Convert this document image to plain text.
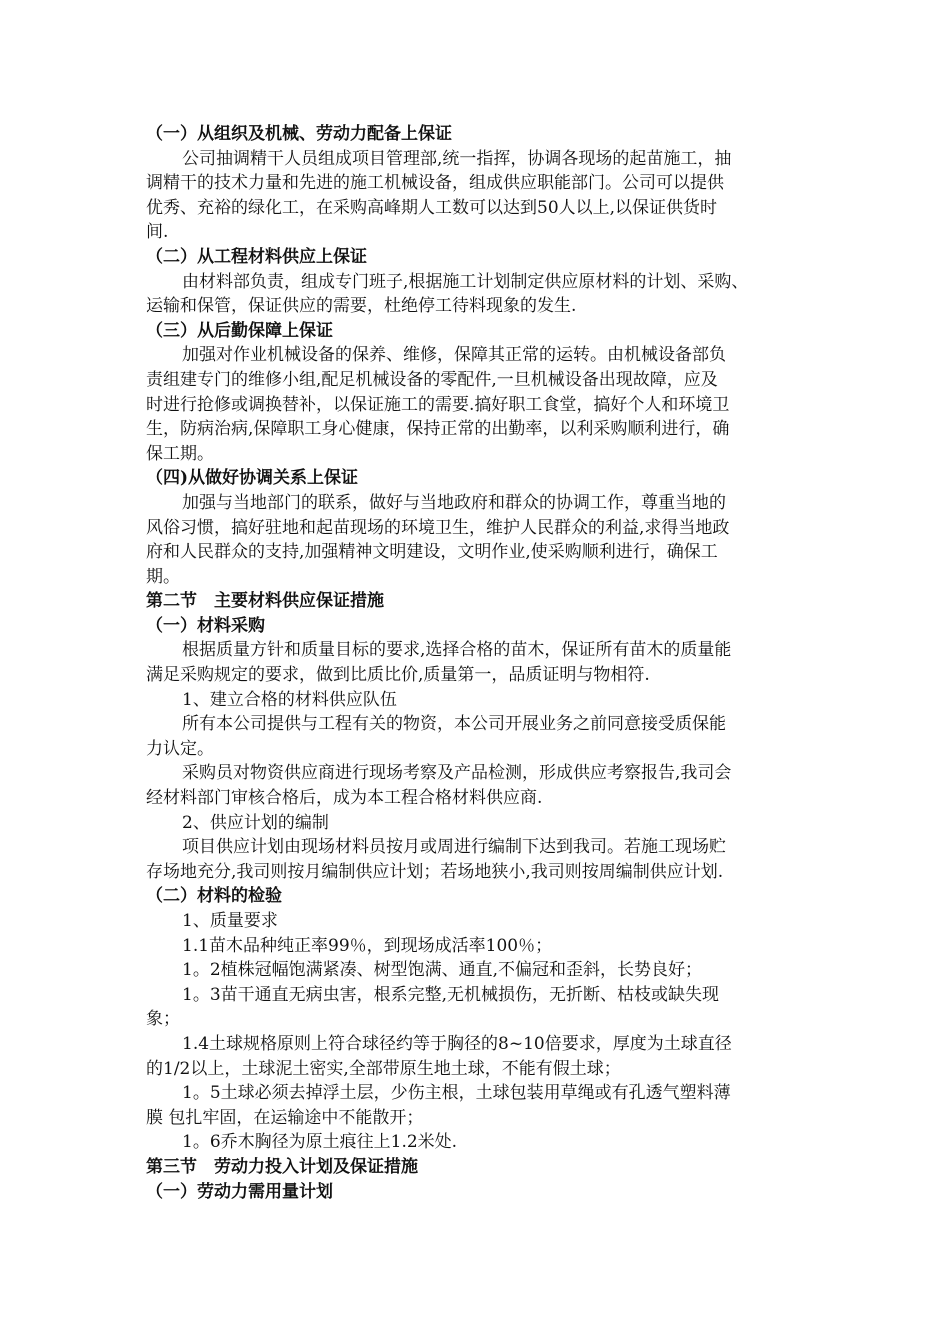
（一）从组织及机械、劳动力配备上保证
公司抽调精干人员组成项目管理部,统一指挥，协调各现场的起苗施工，抽
调精干的技术力量和先进的施工机械设备，组成供应职能部门。公司可以提供
优秀、充裕的绿化工，在采购高峰期人工数可以达到50人以上,以保证供货时
间.
（二）从工程材料供应上保证
由材料部负责，组成专门班子,根据施工计划制定供应原材料的计划、采购、
运输和保管，保证供应的需要，杜绝停工待料现象的发生.
（三）从后勤保障上保证
加强对作业机械设备的保养、维修，保障其正常的运转。由机械设备部负
责组建专门的维修小组,配足机械设备的零配件,一旦机械设备出现故障，应及
时进行抢修或调换替补，以保证施工的需要.搞好职工食堂，搞好个人和环境卫
生，防病治病,保障职工身心健康，保持正常的出勤率，以利采购顺利进行，确
保工期。
（四)从做好协调关系上保证
加强与当地部门的联系，做好与当地政府和群众的协调工作，尊重当地的
风俗习惯，搞好驻地和起苗现场的环境卫生，维护人民群众的利益,求得当地政
府和人民群众的支持,加强精神文明建设，文明作业,使采购顺利进行，确保工
期。
第二节　主要材料供应保证措施
（一）材料采购
根据质量方针和质量目标的要求,选择合格的苗木，保证所有苗木的质量能
满足采购规定的要求，做到比质比价,质量第一，品质证明与物相符.
1、建立合格的材料供应队伍
所有本公司提供与工程有关的物资，本公司开展业务之前同意接受质保能
力认定。
采购员对物资供应商进行现场考察及产品检测，形成供应考察报告,我司会
经材料部门审核合格后，成为本工程合格材料供应商.
2、供应计划的编制
项目供应计划由现场材料员按月或周进行编制下达到我司。若施工现场贮
存场地充分,我司则按月编制供应计划；若场地狭小,我司则按周编制供应计划.
（二）材料的检验
1、质量要求
1.1苗木品种纯正率99％，到现场成活率100％；
1。2植株冠幅饱满紧凑、树型饱满、通直,不偏冠和歪斜，长势良好；
1。3苗干通直无病虫害，根系完整,无机械损伤，无折断、枯枝或缺失现
象；
1.4土球规格原则上符合球径约等于胸径的8~10倍要求，厚度为土球直径
的1/2以上，土球泥土密实,全部带原生地土球，不能有假土球；
1。5土球必须去掉浮土层，少伤主根，土球包装用草绳或有孔透气塑料薄
膜 包扎牢固，在运输途中不能散开；
1。6乔木胸径为原土痕往上1.2米处.
第三节　劳动力投入计划及保证措施
（一）劳动力需用量计划
